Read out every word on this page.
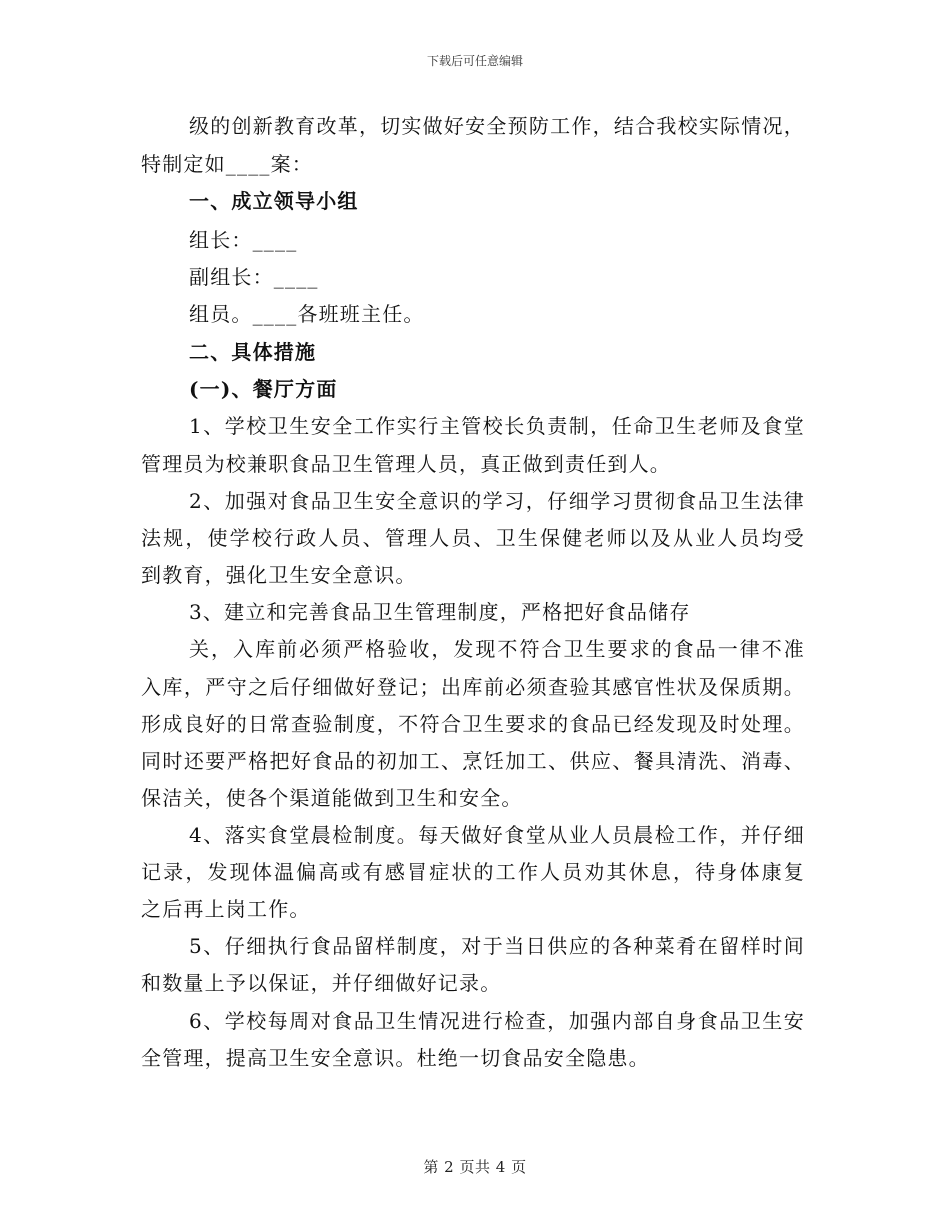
下载后可任意编辑
级的创新教育改革，切实做好安全预防工作，结合我校实际情况，
特制定如____案：
一、成立领导小组
组长：____
副组长：____
组员。____各班班主任。
二、具体措施
(一)、餐厅方面
1、学校卫生安全工作实行主管校长负责制，任命卫生老师及食堂
管理员为校兼职食品卫生管理人员，真正做到责任到人。
2、加强对食品卫生安全意识的学习，仔细学习贯彻食品卫生法律
法规，使学校行政人员、管理人员、卫生保健老师以及从业人员均受
到教育，强化卫生安全意识。
3、建立和完善食品卫生管理制度，严格把好食品储存
关，入库前必须严格验收，发现不符合卫生要求的食品一律不准
入库，严守之后仔细做好登记；出库前必须查验其感官性状及保质期。
形成良好的日常查验制度，不符合卫生要求的食品已经发现及时处理。
同时还要严格把好食品的初加工、烹饪加工、供应、餐具清洗、消毒、
保洁关，使各个渠道能做到卫生和安全。
4、落实食堂晨检制度。每天做好食堂从业人员晨检工作，并仔细
记录，发现体温偏高或有感冒症状的工作人员劝其休息，待身体康复
之后再上岗工作。
5、仔细执行食品留样制度，对于当日供应的各种菜肴在留样时间
和数量上予以保证，并仔细做好记录。
6、学校每周对食品卫生情况进行检查，加强内部自身食品卫生安
全管理，提高卫生安全意识。杜绝一切食品安全隐患。
第 2 页共 4 页
